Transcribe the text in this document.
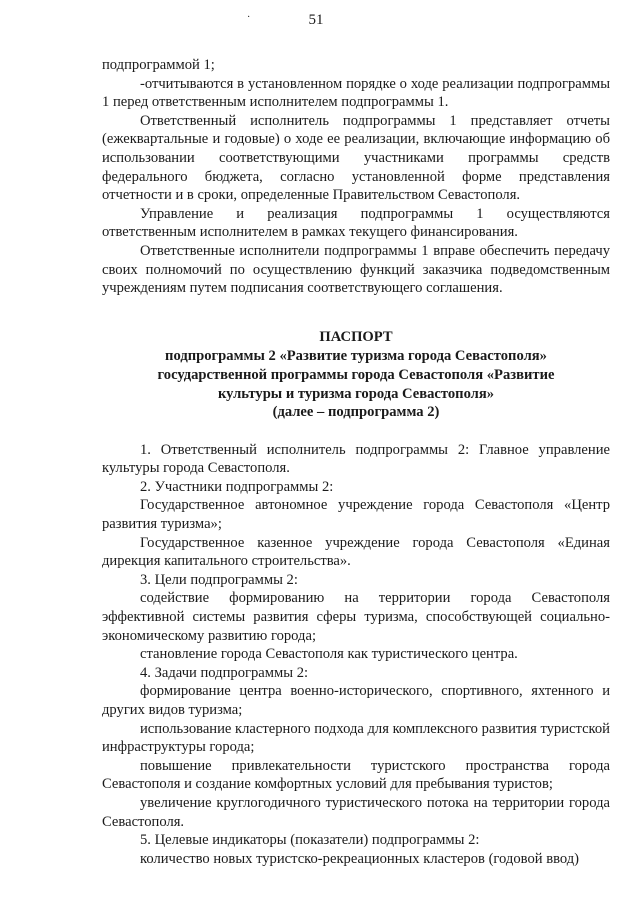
·	51

подпрограммой 1;

-отчитываются в установленном порядке о ходе реализации подпрограммы 1 перед ответственным исполнителем подпрограммы 1.

Ответственный исполнитель подпрограммы 1 представляет отчеты (ежеквартальные и годовые) о ходе ее реализации, включающие информацию об использовании соответствующими участниками программы средств федерального бюджета, согласно установленной форме представления отчетности и в сроки, определенные Правительством Севастополя.

Управление и реализация подпрограммы 1 осуществляются ответственным исполнителем в рамках текущего финансирования.

Ответственные исполнители подпрограммы 1 вправе обеспечить передачу своих полномочий по осуществлению функций заказчика подведомственным учреждениям путем подписания соответствующего соглашения.

ПАСПОРТ
подпрограммы 2 «Развитие туризма города Севастополя»
государственной программы города Севастополя «Развитие
культуры и туризма города Севастополя»
(далее – подпрограмма 2)

1. Ответственный исполнитель подпрограммы 2: Главное управление культуры города Севастополя.

2. Участники подпрограммы 2:

Государственное автономное учреждение города Севастополя «Центр развития туризма»;

Государственное казенное учреждение города Севастополя «Единая дирекция капитального строительства».

3. Цели подпрограммы 2:

содействие формированию на территории города Севастополя эффективной системы развития сферы туризма, способствующей социально-экономическому развитию города;

становление города Севастополя как туристического центра.

4. Задачи подпрограммы 2:

формирование центра военно-исторического, спортивного, яхтенного и других видов туризма;

использование кластерного подхода для комплексного развития туристской инфраструктуры города;

повышение привлекательности туристского пространства города Севастополя и создание комфортных условий для пребывания туристов;

увеличение круглогодичного туристического потока на территории города Севастополя.

5. Целевые индикаторы (показатели) подпрограммы 2:

количество новых туристско-рекреационных кластеров (годовой ввод)
